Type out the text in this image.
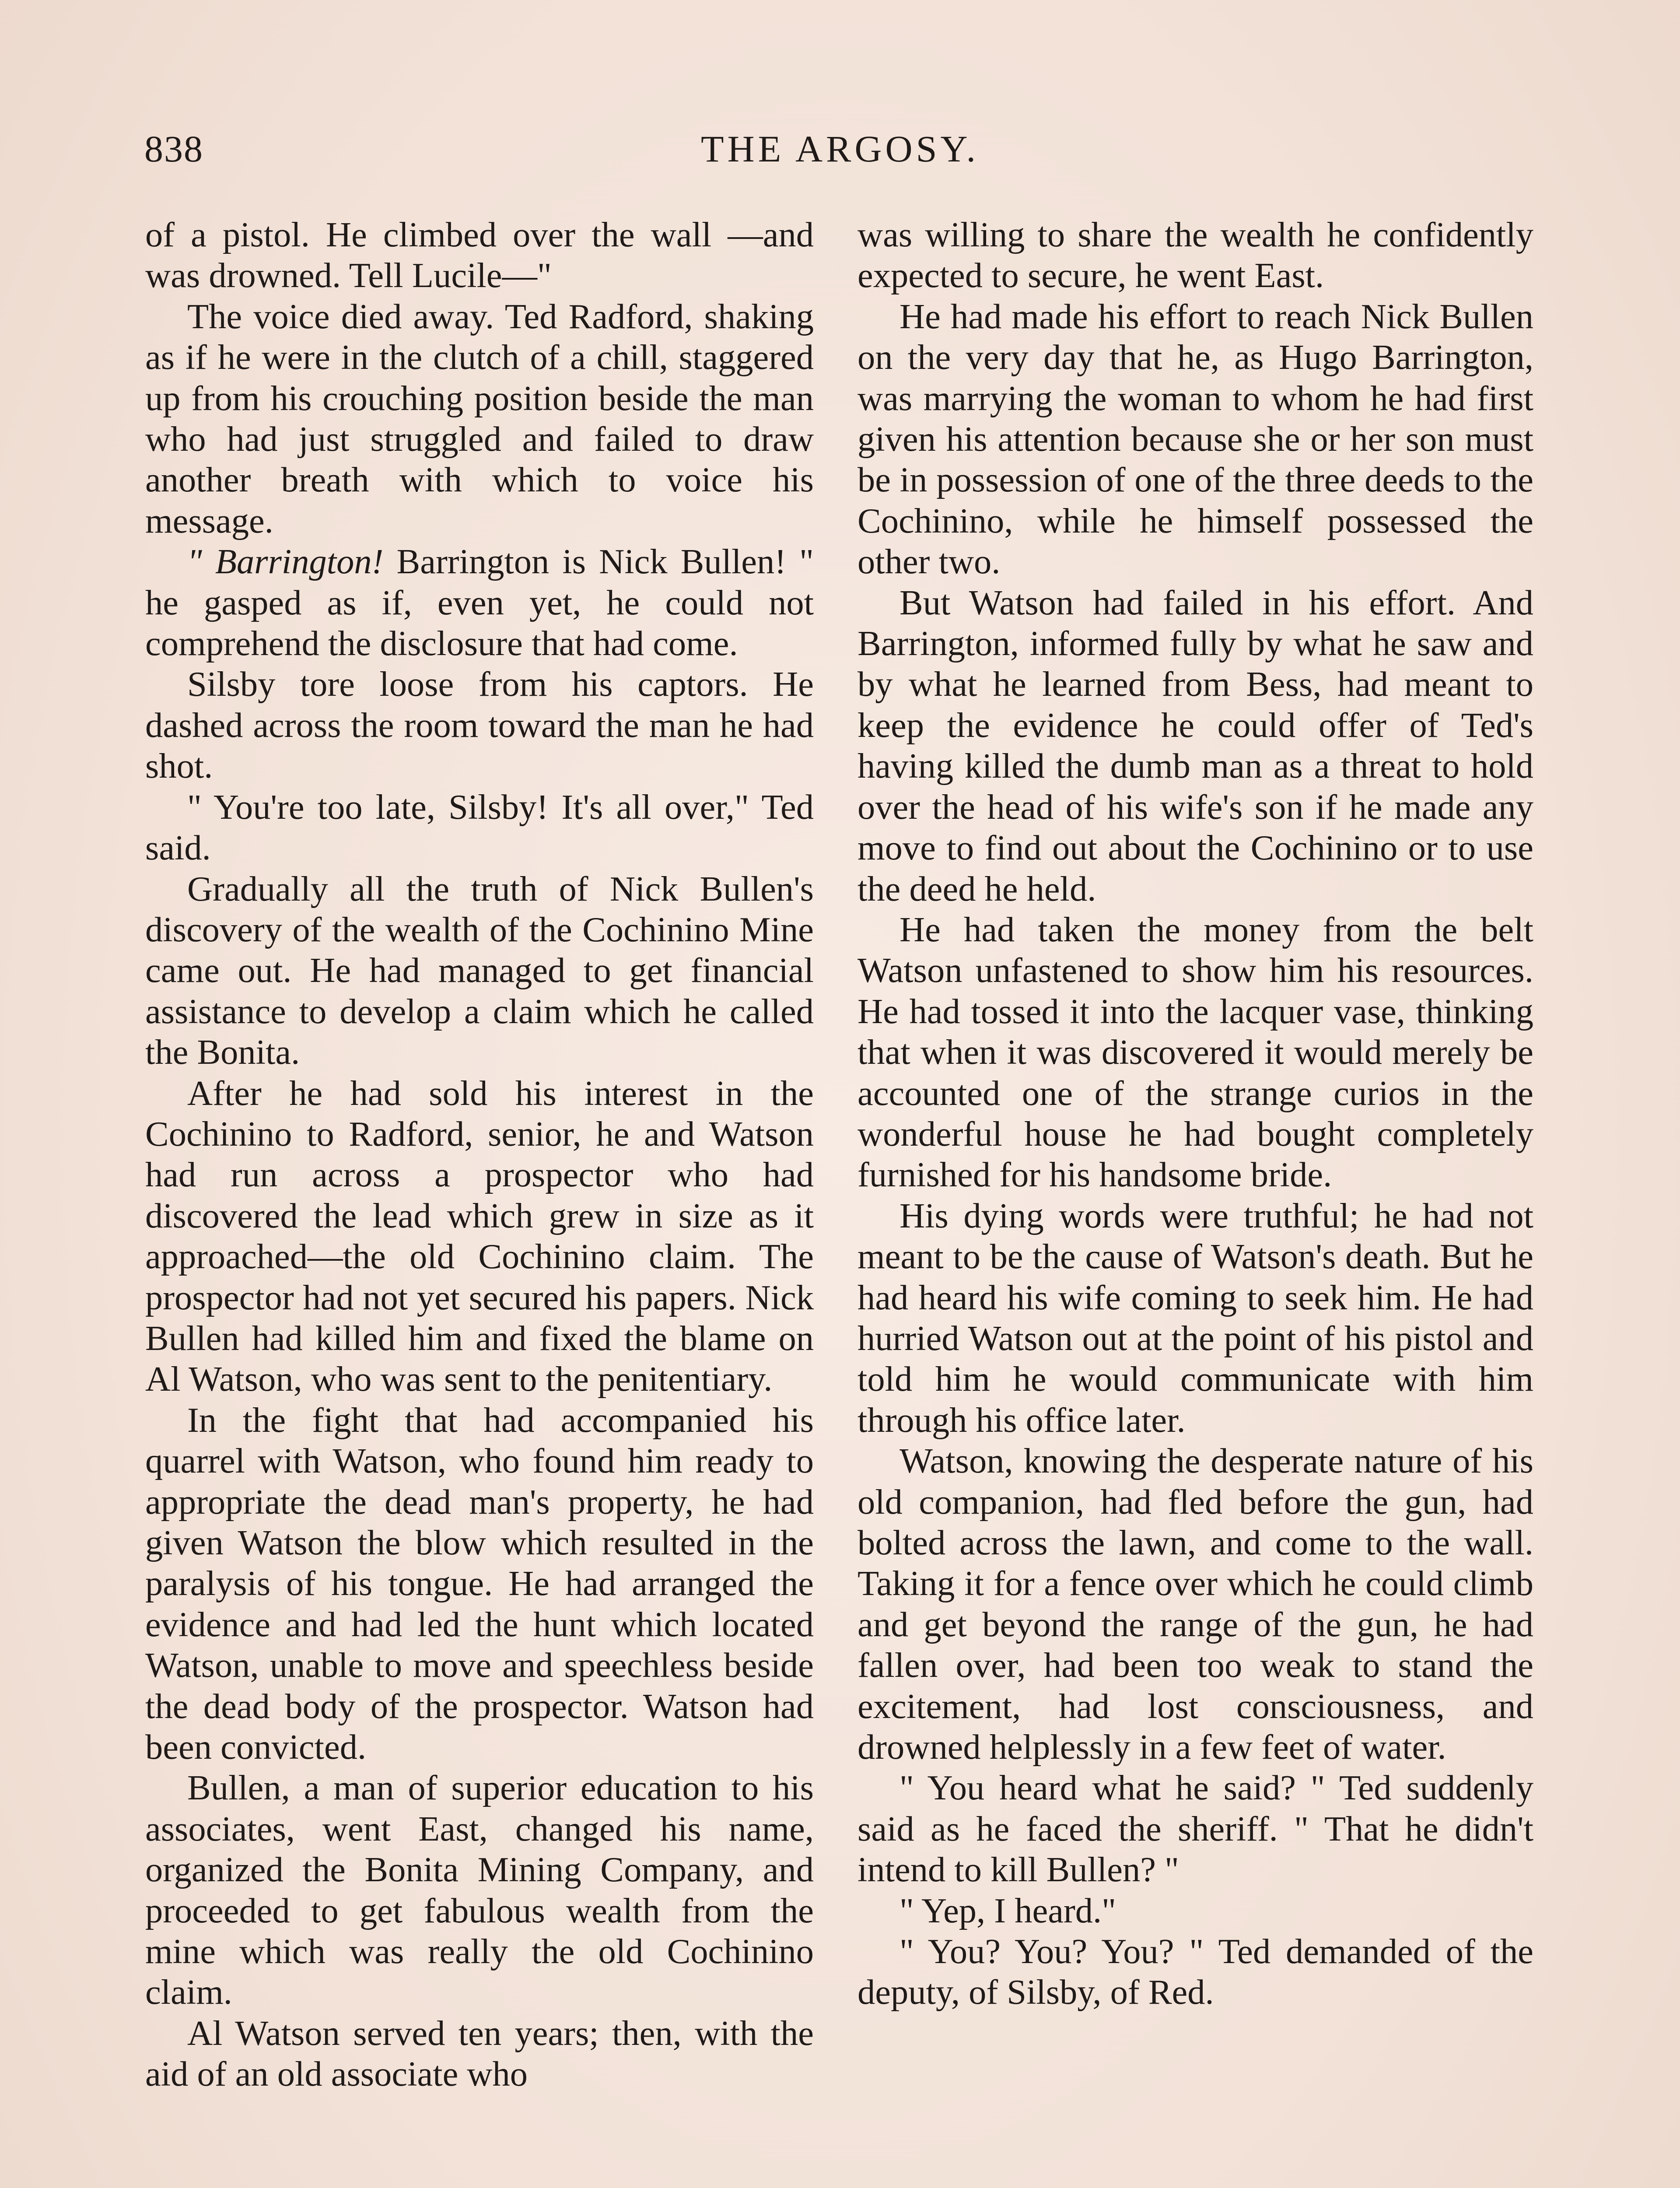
838	THE ARGOSY.

of a pistol. He climbed over the wall —and was drowned. Tell Lucile—"

The voice died away. Ted Radford, shaking as if he were in the clutch of a chill, staggered up from his crouching position beside the man who had just struggled and failed to draw another breath with which to voice his message.

" Barrington! Barrington is Nick Bullen! " he gasped as if, even yet, he could not comprehend the disclosure that had come.

Silsby tore loose from his captors. He dashed across the room toward the man he had shot.

" You're too late, Silsby! It's all over," Ted said.

Gradually all the truth of Nick Bullen's discovery of the wealth of the Cochinino Mine came out. He had managed to get financial assistance to develop a claim which he called the Bonita.

After he had sold his interest in the Cochinino to Radford, senior, he and Watson had run across a prospector who had discovered the lead which grew in size as it approached—the old Cochinino claim. The prospector had not yet secured his papers. Nick Bullen had killed him and fixed the blame on Al Watson, who was sent to the penitentiary.

In the fight that had accompanied his quarrel with Watson, who found him ready to appropriate the dead man's property, he had given Watson the blow which resulted in the paralysis of his tongue. He had arranged the evidence and had led the hunt which located Watson, unable to move and speechless beside the dead body of the prospector. Watson had been convicted.

Bullen, a man of superior education to his associates, went East, changed his name, organized the Bonita Mining Company, and proceeded to get fabulous wealth from the mine which was really the old Cochinino claim.

Al Watson served ten years; then, with the aid of an old associate who

was willing to share the wealth he confidently expected to secure, he went East.

He had made his effort to reach Nick Bullen on the very day that he, as Hugo Barrington, was marrying the woman to whom he had first given his attention because she or her son must be in possession of one of the three deeds to the Cochinino, while he himself possessed the other two.

But Watson had failed in his effort. And Barrington, informed fully by what he saw and by what he learned from Bess, had meant to keep the evidence he could offer of Ted's having killed the dumb man as a threat to hold over the head of his wife's son if he made any move to find out about the Cochinino or to use the deed he held.

He had taken the money from the belt Watson unfastened to show him his resources. He had tossed it into the lacquer vase, thinking that when it was discovered it would merely be accounted one of the strange curios in the wonderful house he had bought completely furnished for his handsome bride.

His dying words were truthful; he had not meant to be the cause of Watson's death. But he had heard his wife coming to seek him. He had hurried Watson out at the point of his pistol and told him he would communicate with him through his office later.

Watson, knowing the desperate nature of his old companion, had fled before the gun, had bolted across the lawn, and come to the wall. Taking it for a fence over which he could climb and get beyond the range of the gun, he had fallen over, had been too weak to stand the excitement, had lost consciousness, and drowned helplessly in a few feet of water.

" You heard what he said? " Ted suddenly said as he faced the sheriff. " That he didn't intend to kill Bullen? "

" Yep, I heard."

" You? You? You? " Ted demanded of the deputy, of Silsby, of Red.
